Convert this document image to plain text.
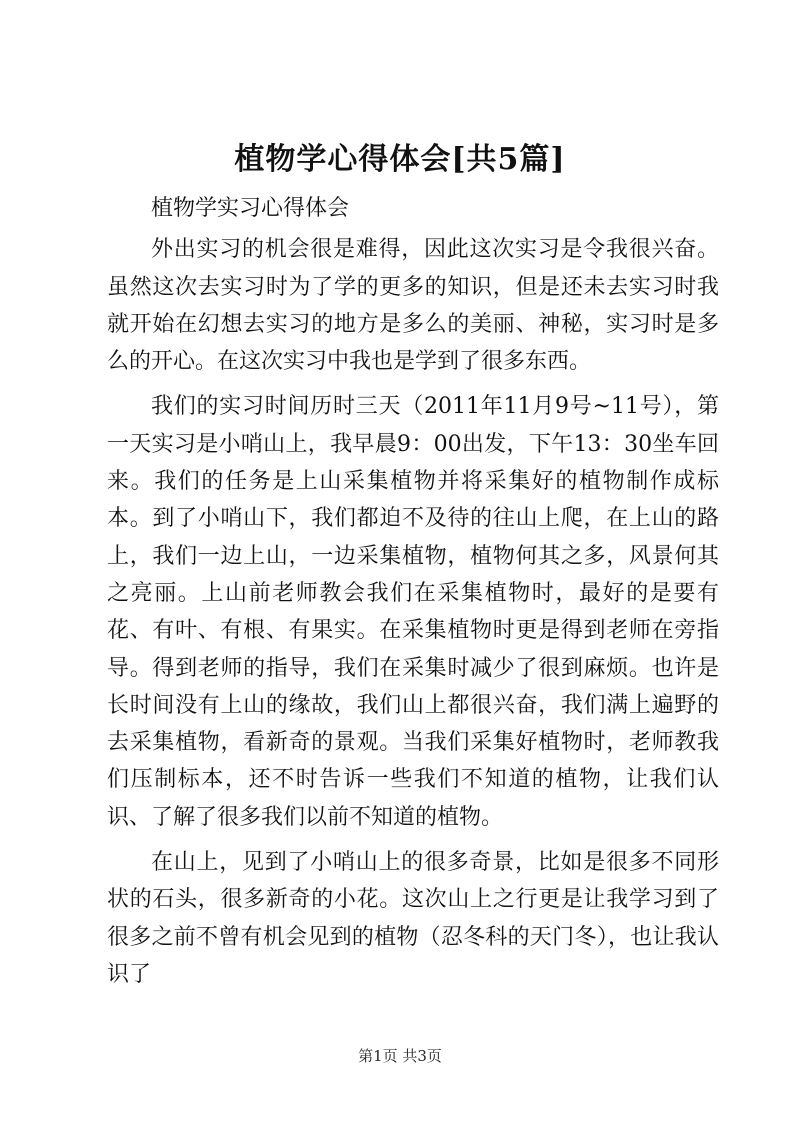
植物学心得体会[共5篇]

植物学实习心得体会

外出实习的机会很是难得，因此这次实习是令我很兴奋。虽然这次去实习时为了学的更多的知识，但是还未去实习时我就开始在幻想去实习的地方是多么的美丽、神秘，实习时是多么的开心。在这次实习中我也是学到了很多东西。

我们的实习时间历时三天（2011年11月9号~11号），第一天实习是小哨山上，我早晨9：00出发，下午13：30坐车回来。我们的任务是上山采集植物并将采集好的植物制作成标本。到了小哨山下，我们都迫不及待的往山上爬，在上山的路上，我们一边上山，一边采集植物，植物何其之多，风景何其之亮丽。上山前老师教会我们在采集植物时，最好的是要有花、有叶、有根、有果实。在采集植物时更是得到老师在旁指导。得到老师的指导，我们在采集时减少了很到麻烦。也许是长时间没有上山的缘故，我们山上都很兴奋，我们满上遍野的去采集植物，看新奇的景观。当我们采集好植物时，老师教我们压制标本，还不时告诉一些我们不知道的植物，让我们认识、了解了很多我们以前不知道的植物。

在山上，见到了小哨山上的很多奇景，比如是很多不同形状的石头，很多新奇的小花。这次山上之行更是让我学习到了很多之前不曾有机会见到的植物（忍冬科的天门冬），也让我认识了

第1页 共3页
